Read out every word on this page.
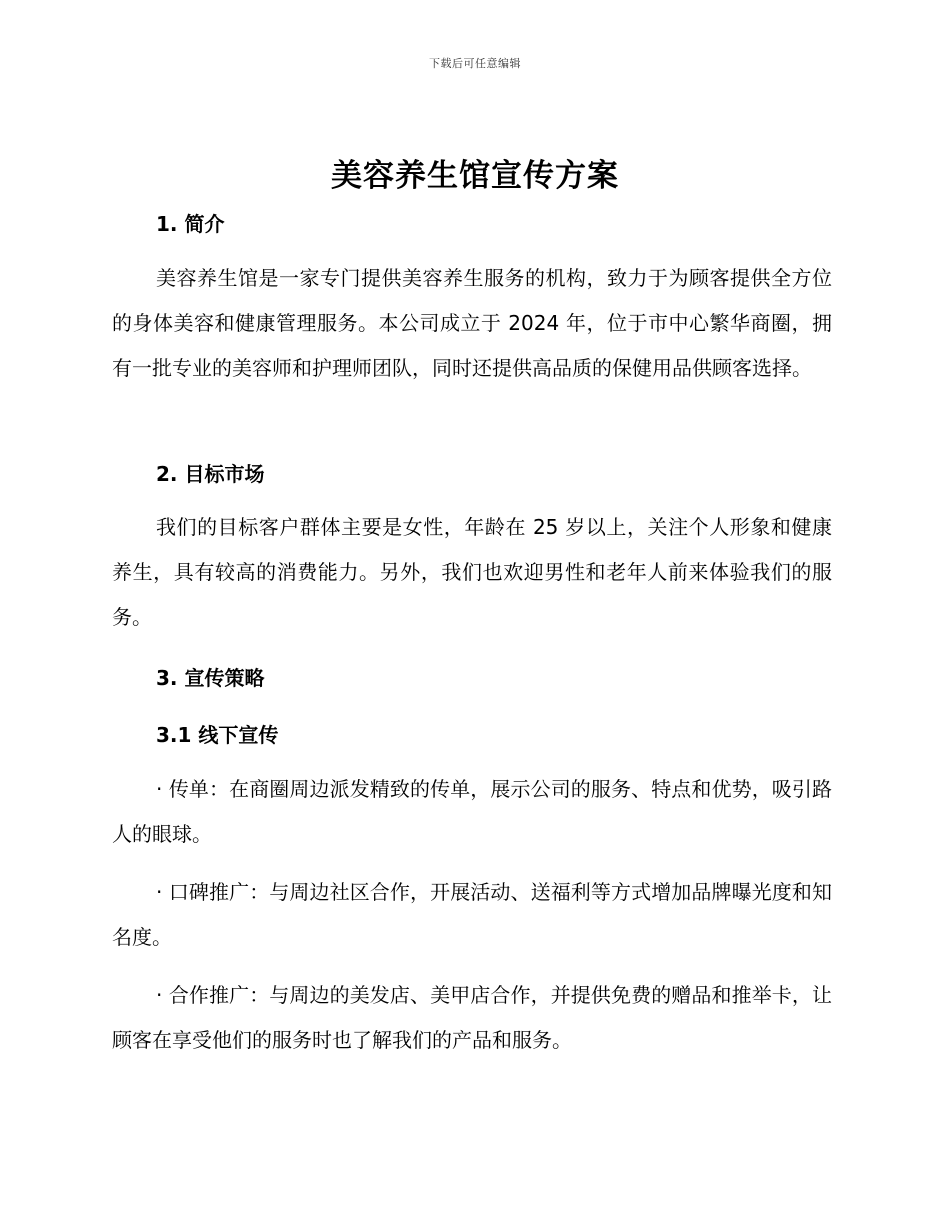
下载后可任意编辑
美容养生馆宣传方案
1. 简介

美容养生馆是一家专门提供美容养生服务的机构，致力于为顾客提供全方位的身体美容和健康管理服务。本公司成立于 2024 年，位于市中心繁华商圈，拥有一批专业的美容师和护理师团队，同时还提供高品质的保健用品供顾客选择。

2. 目标市场

我们的目标客户群体主要是女性，年龄在 25 岁以上，关注个人形象和健康养生，具有较高的消费能力。另外，我们也欢迎男性和老年人前来体验我们的服务。

3. 宣传策略
3.1 线下宣传

· 传单：在商圈周边派发精致的传单，展示公司的服务、特点和优势，吸引路人的眼球。

· 口碑推广：与周边社区合作，开展活动、送福利等方式增加品牌曝光度和知名度。

· 合作推广：与周边的美发店、美甲店合作，并提供免费的赠品和推举卡，让顾客在享受他们的服务时也了解我们的产品和服务。
